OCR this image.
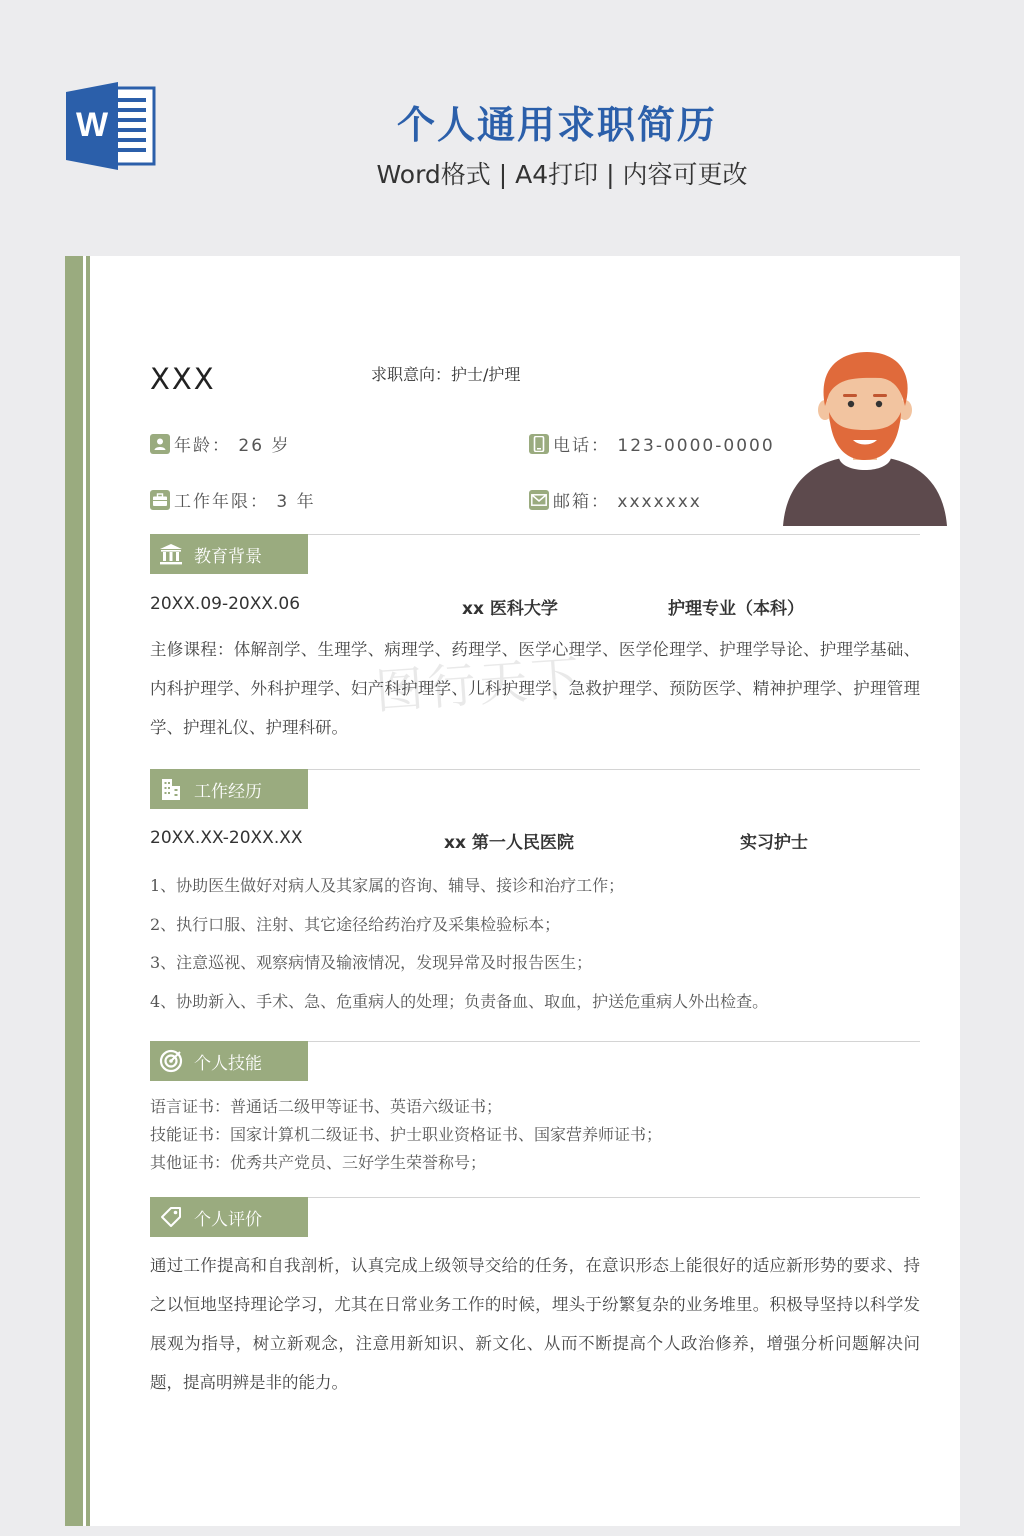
W	个人通用求职简历
Word格式 | A4打印 | 内容可更改
图行天下
XXX	求职意向：护士/护理
年龄： 26 岁	电话： 123-0000-0000
工作年限： 3 年	邮箱： xxxxxxx
教育背景
20XX.09-20XX.06	xx 医科大学	护理专业（本科）
主修课程：体解剖学、生理学、病理学、药理学、医学心理学、医学伦理学、护理学导论、护理学基础、内科护理学、外科护理学、妇产科护理学、儿科护理学、急救护理学、预防医学、精神护理学、护理管理学、护理礼仪、护理科研。
工作经历
20XX.XX-20XX.XX	xx 第一人民医院	实习护士
1、协助医生做好对病人及其家属的咨询、辅导、接诊和治疗工作；
2、执行口服、注射、其它途径给药治疗及采集检验标本；
3、注意巡视、观察病情及输液情况，发现异常及时报告医生；
4、协助新入、手术、急、危重病人的处理；负责备血、取血，护送危重病人外出检查。
个人技能
语言证书：普通话二级甲等证书、英语六级证书；
技能证书：国家计算机二级证书、护士职业资格证书、国家营养师证书；
其他证书：优秀共产党员、三好学生荣誉称号；
个人评价
通过工作提高和自我剖析，认真完成上级领导交给的任务，在意识形态上能很好的适应新形势的要求、持之以恒地坚持理论学习，尤其在日常业务工作的时候，埋头于纷繁复杂的业务堆里。积极导坚持以科学发展观为指导，树立新观念，注意用新知识、新文化、从而不断提高个人政治修养，增强分析问题解决问题，提高明辨是非的能力。
